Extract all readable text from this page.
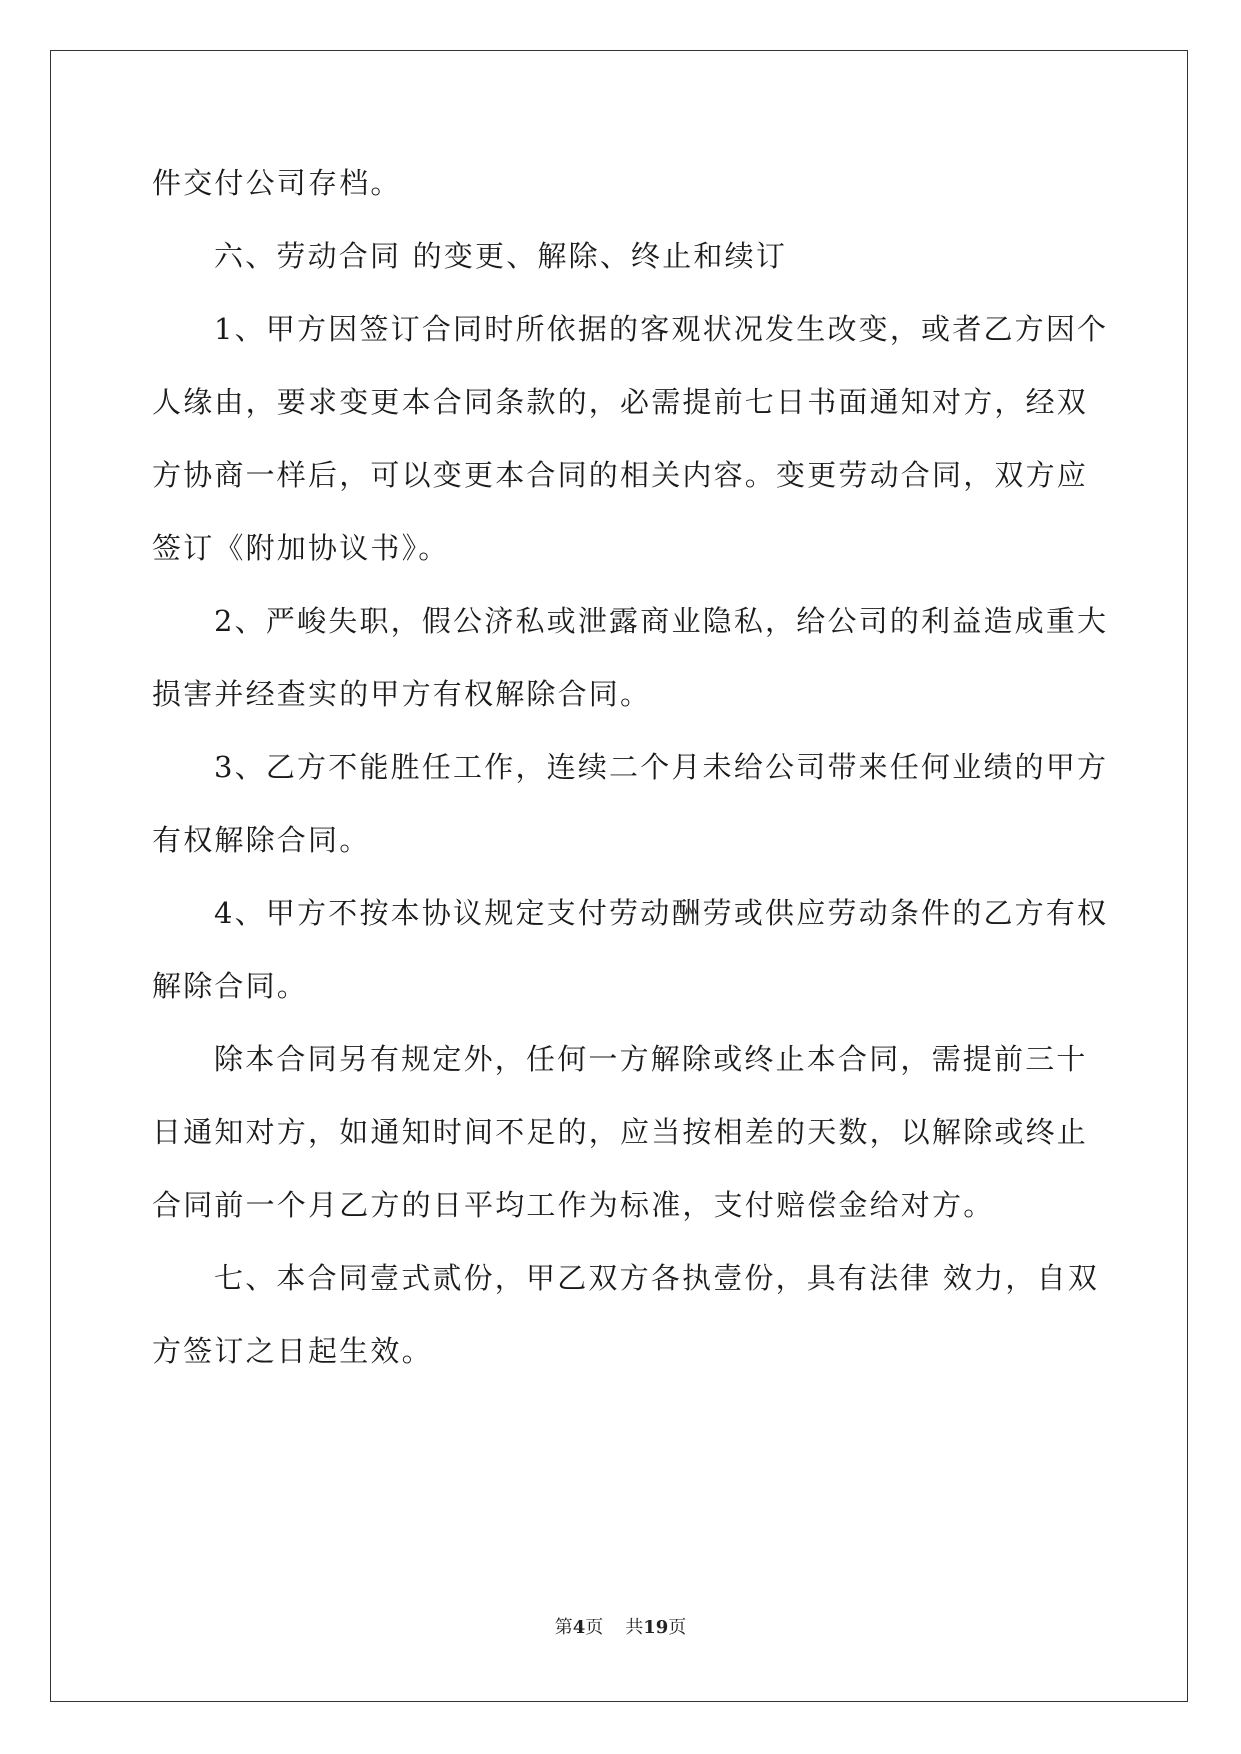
件交付公司存档。
六、劳动合同 的变更、解除、终止和续订
1、甲方因签订合同时所依据的客观状况发生改变，或者乙方因个
人缘由，要求变更本合同条款的，必需提前七日书面通知对方，经双
方协商一样后，可以变更本合同的相关内容。变更劳动合同，双方应
签订《附加协议书》。
2、严峻失职，假公济私或泄露商业隐私，给公司的利益造成重大
损害并经查实的甲方有权解除合同。
3、乙方不能胜任工作，连续二个月未给公司带来任何业绩的甲方
有权解除合同。
4、甲方不按本协议规定支付劳动酬劳或供应劳动条件的乙方有权
解除合同。
除本合同另有规定外，任何一方解除或终止本合同，需提前三十
日通知对方，如通知时间不足的，应当按相差的天数，以解除或终止
合同前一个月乙方的日平均工作为标准，支付赔偿金给对方。
七、本合同壹式贰份，甲乙双方各执壹份，具有法律 效力，自双
方签订之日起生效。
第4页 共19页
